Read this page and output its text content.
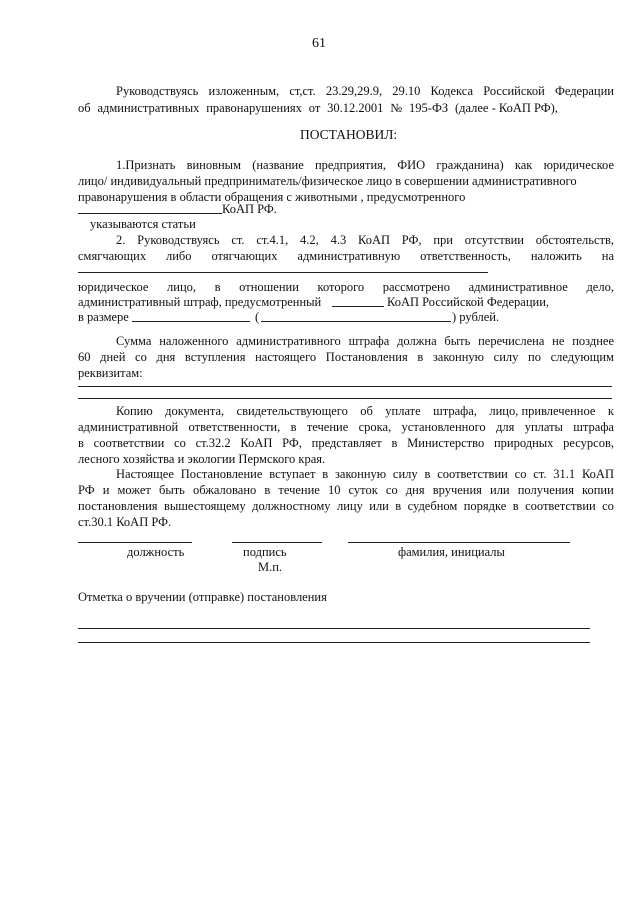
61
Руководствуясь изложенным, ст,ст. 23.29,29.9, 29.10 Кодекса Российской Федерации
об административных правонарушениях от 30.12.2001 № 195-ФЗ (далее - КоАП РФ),
ПОСТАНОВИЛ:
1.Признать виновным (название предприятия, ФИО гражданина) как юридическое
лицо/ индивидуальный предприниматель/физическое лицо в совершении административного
правонарушения в области обращения с животными , предусмотренного
КоАП РФ.
указываются статьи
2. Руководствуясь ст. ст.4.1, 4.2, 4.3 КоАП РФ, при отсутствии обстоятельств,
смягчающих либо отягчающих административную ответственность, наложить на
юридическое лицо, в отношении которого рассмотрено административное дело,
административный штраф, предусмотренный	КоАП Российской Федерации,
в размере	(	) рублей.
Сумма наложенного административного штрафа должна быть перечислена не позднее
60 дней со дня вступления настоящего Постановления в законную силу по следующим
реквизитам:
Копию документа, свидетельствующего об уплате штрафа, лицо, привлеченное к
административной ответственности, в течение срока, установленного для уплаты штрафа
в соответствии со ст.32.2 КоАП РФ, представляет в Министерство природных ресурсов,
лесного хозяйства и экологии Пермского края.
Настоящее Постановление вступает в законную силу в соответствии со ст. 31.1 КоАП
РФ и может быть обжаловано в течение 10 суток со дня вручения или получения копии
постановления вышестоящему должностному лицу или в судебном порядке в соответствии со
ст.30.1 КоАП РФ.
должность	подпись	фамилия, инициалы
М.п.
Отметка о вручении (отправке) постановления
